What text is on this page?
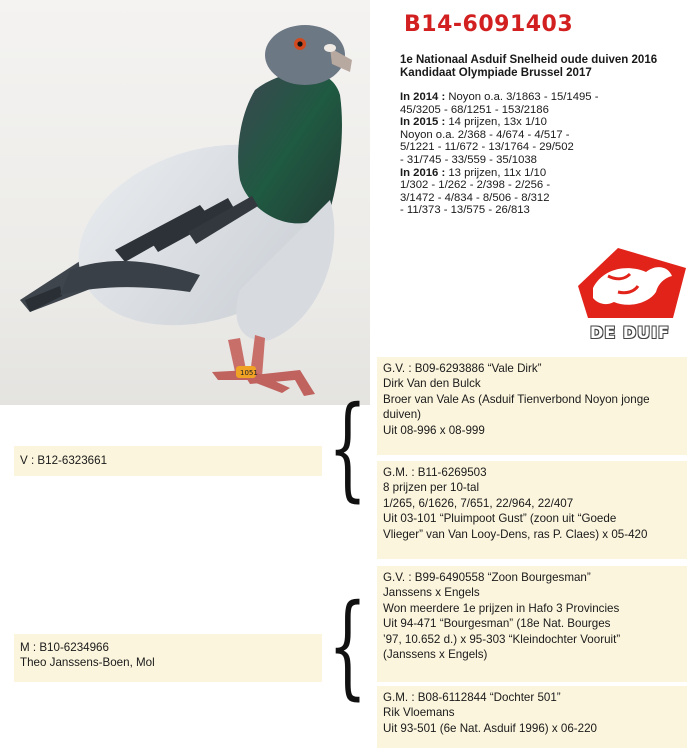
1051
B14-6091403
1e Nationaal Asduif Snelheid oude duiven 2016
Kandidaat Olympiade Brussel 2017
In 2014 : Noyon o.a. 3/1863 - 15/1495 -
45/3205 - 68/1251 - 153/2186
In 2015 : 14 prijzen, 13x 1/10
Noyon o.a. 2/368 - 4/674 - 4/517 -
5/1221 - 11/672 - 13/1764 - 29/502
- 31/745 - 33/559 - 35/1038
In 2016 : 13 prijzen, 11x 1/10
1/302 - 1/262 - 2/398 - 2/256 -
3/1472 - 4/834 - 8/506 - 8/312
- 11/373 - 13/575 - 26/813
DE DUIF
G.V. : B09-6293886 “Vale Dirk”
Dirk Van den Bulck
Broer van Vale As (Asduif Tienverbond Noyon jonge
duiven)
Uit 08-996 x 08-999
G.M. : B11-6269503
8 prijzen per 10-tal
1/265, 6/1626, 7/651, 22/964, 22/407
Uit 03-101 “Pluimpoot Gust” (zoon uit “Goede
Vlieger” van Van Looy-Dens, ras P. Claes) x 05-420
V : B12-6323661	{
G.V. : B99-6490558 “Zoon Bourgesman”
Janssens x Engels
Won meerdere 1e prijzen in Hafo 3 Provincies
Uit 94-471 “Bourgesman” (18e Nat. Bourges
’97, 10.652 d.) x 95-303 “Kleindochter Vooruit”
(Janssens x Engels)
G.M. : B08-6112844 “Dochter 501”
Rik Vloemans
Uit 93-501 (6e Nat. Asduif 1996) x 06-220
M : B10-6234966
Theo Janssens-Boen, Mol	{
